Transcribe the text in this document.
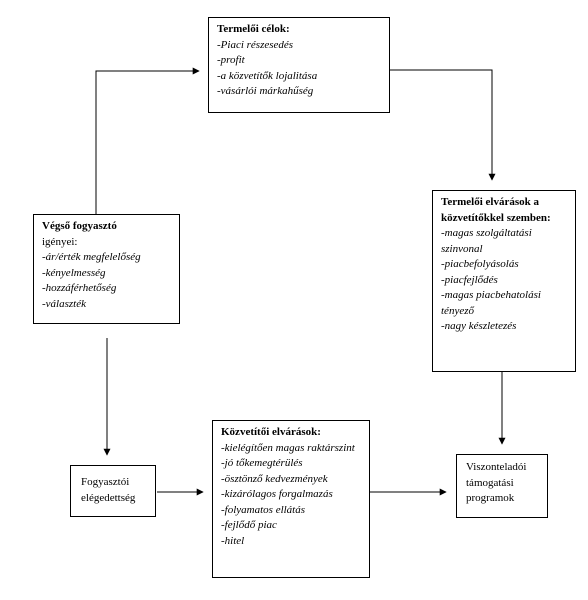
Termelői célok:
-Piaci részesedés
-profit
-a közvetítők lojalitása
-vásárlói márkahűség
Végső fogyasztó
igényei:
-ár/érték megfelelőség
-kényelmesség
-hozzáférhetőség
-választék
Termelői elvárások a közvetítőkkel szemben:
-magas szolgáltatási szinvonal
-piacbefolyásolás
-piacfejlődés
-magas piacbehatolási tényező
-nagy készletezés
Közvetítői elvárások:
-kielégítően magas raktárszint
-jó tőkemegtérülés
-ösztönző kedvezmények
-kizárólagos forgalmazás
-folyamatos ellátás
-fejlődő piac
-hitel
Fogyasztói elégedettség
Viszonteladói támogatási programok
